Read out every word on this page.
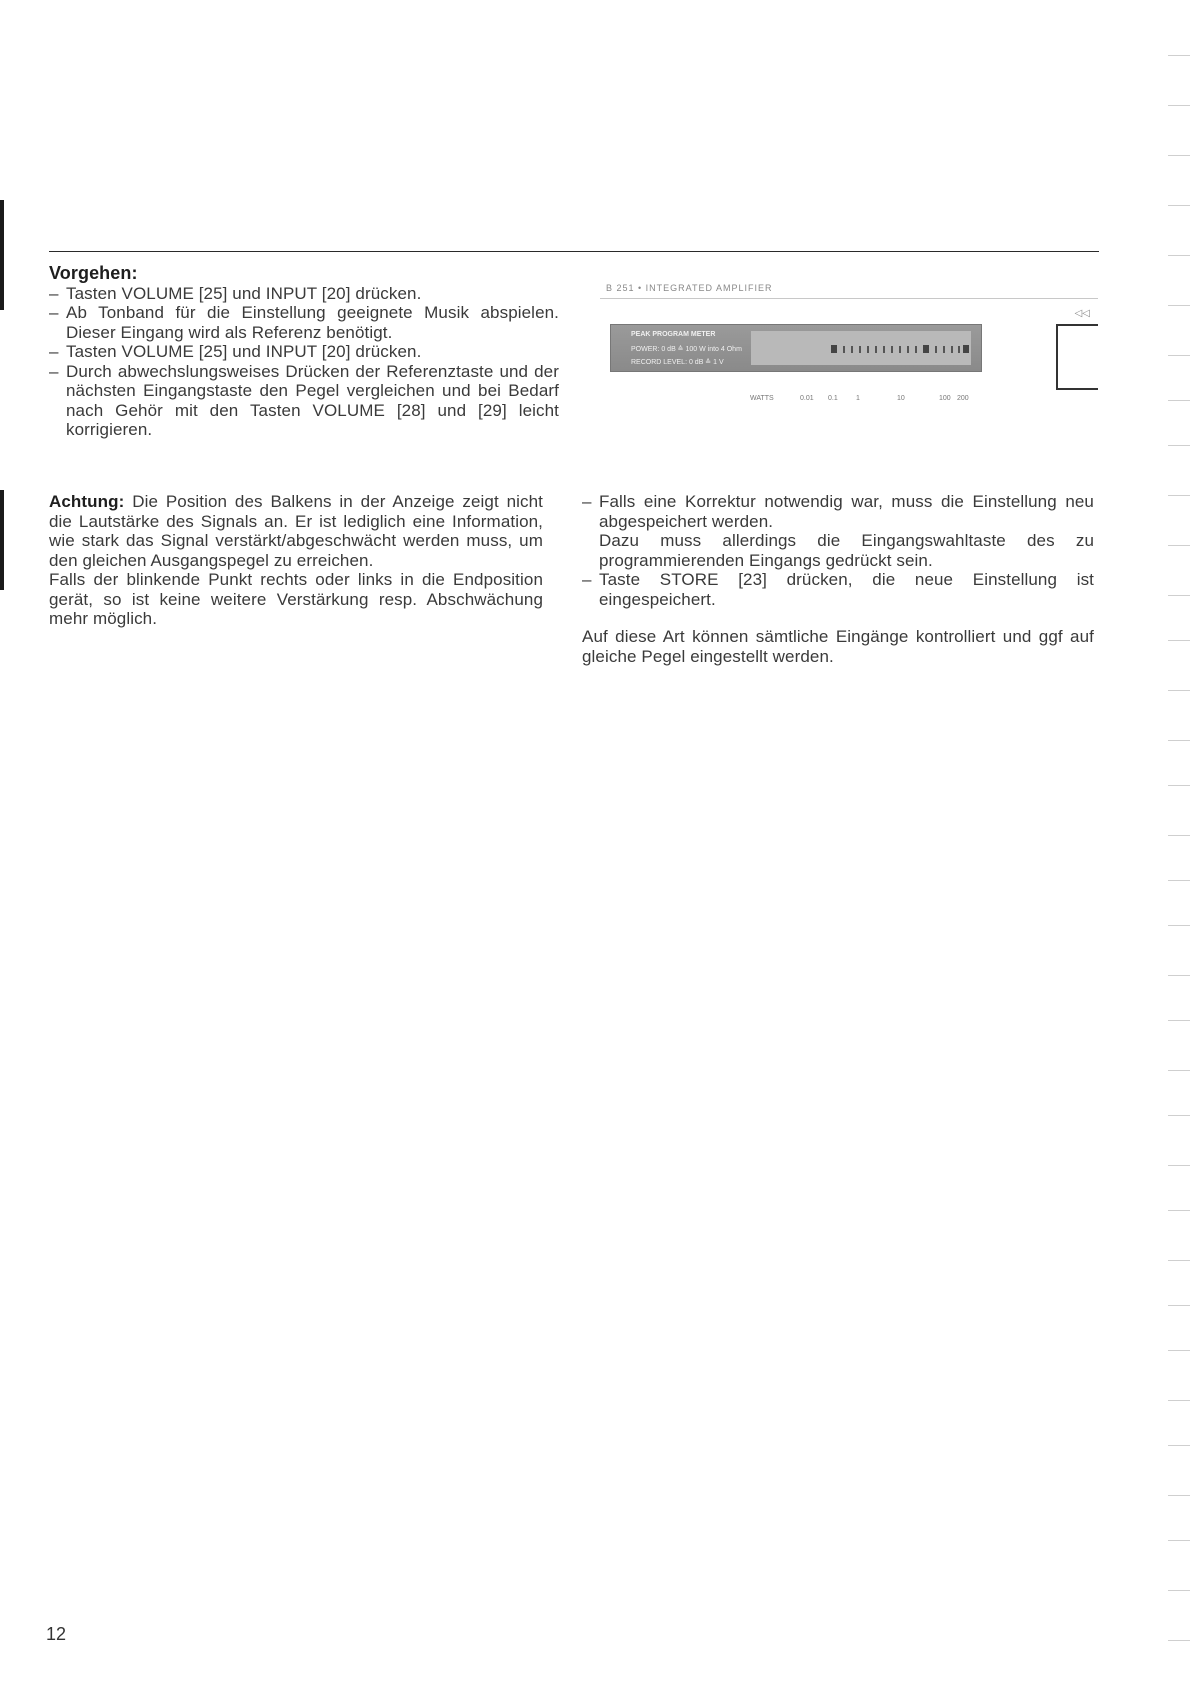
Vorgehen:

– Tasten VOLUME [25] und INPUT [20] drücken.
– Ab Tonband für die Einstellung geeignete Musik abspielen. Dieser Eingang wird als Referenz benötigt.
– Tasten VOLUME [25] und INPUT [20] drücken.
– Durch abwechslungsweises Drücken der Referenztaste und der nächsten Eingangstaste den Pegel vergleichen und bei Bedarf nach Gehör mit den Tasten VOLUME [28] und [29] leicht korrigieren.
B 251 • INTEGRATED AMPLIFIER
◁◁
PEAK PROGRAM METER
POWER: 0 dB ≙ 100 W into 4 Ohm
RECORD LEVEL: 0 dB ≙ 1 V
WATTS	0.01 0.1	1	10	100 200

Achtung: Die Position des Balkens in der Anzeige zeigt nicht die Lautstärke des Signals an. Er ist lediglich eine Information, wie stark das Signal verstärkt/abgeschwächt werden muss, um den gleichen Ausgangspegel zu erreichen.

Falls der blinkende Punkt rechts oder links in die Endposition gerät, so ist keine weitere Verstärkung resp. Abschwächung mehr möglich.

– Falls eine Korrektur notwendig war, muss die Einstellung neu abgespeichert werden.
Dazu muss allerdings die Eingangswahltaste des zu programmierenden Eingangs gedrückt sein.
– Taste STORE [23] drücken, die neue Einstellung ist eingespeichert.

Auf diese Art können sämtliche Eingänge kontrolliert und ggf auf gleiche Pegel eingestellt werden.

12
